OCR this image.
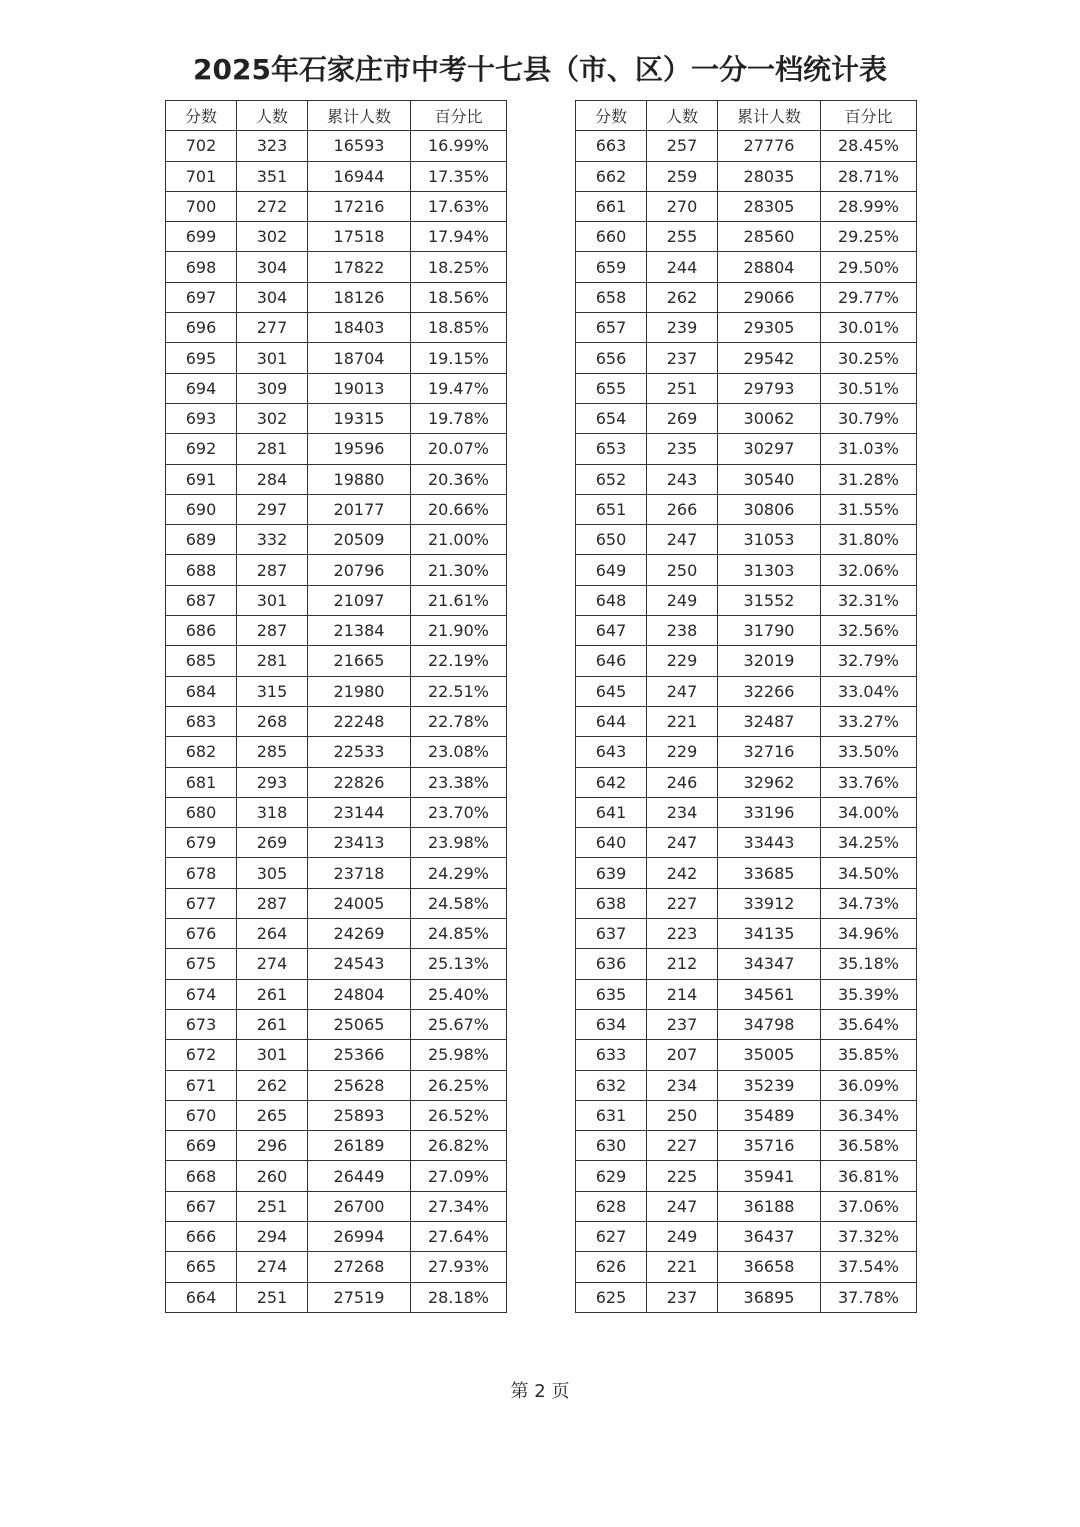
2025年石家庄市中考十七县（市、区）一分一档统计表
分数	人数	累计人数	百分比
702	323	16593	16.99%
701	351	16944	17.35%
700	272	17216	17.63%
699	302	17518	17.94%
698	304	17822	18.25%
697	304	18126	18.56%
696	277	18403	18.85%
695	301	18704	19.15%
694	309	19013	19.47%
693	302	19315	19.78%
692	281	19596	20.07%
691	284	19880	20.36%
690	297	20177	20.66%
689	332	20509	21.00%
688	287	20796	21.30%
687	301	21097	21.61%
686	287	21384	21.90%
685	281	21665	22.19%
684	315	21980	22.51%
683	268	22248	22.78%
682	285	22533	23.08%
681	293	22826	23.38%
680	318	23144	23.70%
679	269	23413	23.98%
678	305	23718	24.29%
677	287	24005	24.58%
676	264	24269	24.85%
675	274	24543	25.13%
674	261	24804	25.40%
673	261	25065	25.67%
672	301	25366	25.98%
671	262	25628	26.25%
670	265	25893	26.52%
669	296	26189	26.82%
668	260	26449	27.09%
667	251	26700	27.34%
666	294	26994	27.64%
665	274	27268	27.93%
664	251	27519	28.18%
分数	人数	累计人数	百分比
663	257	27776	28.45%
662	259	28035	28.71%
661	270	28305	28.99%
660	255	28560	29.25%
659	244	28804	29.50%
658	262	29066	29.77%
657	239	29305	30.01%
656	237	29542	30.25%
655	251	29793	30.51%
654	269	30062	30.79%
653	235	30297	31.03%
652	243	30540	31.28%
651	266	30806	31.55%
650	247	31053	31.80%
649	250	31303	32.06%
648	249	31552	32.31%
647	238	31790	32.56%
646	229	32019	32.79%
645	247	32266	33.04%
644	221	32487	33.27%
643	229	32716	33.50%
642	246	32962	33.76%
641	234	33196	34.00%
640	247	33443	34.25%
639	242	33685	34.50%
638	227	33912	34.73%
637	223	34135	34.96%
636	212	34347	35.18%
635	214	34561	35.39%
634	237	34798	35.64%
633	207	35005	35.85%
632	234	35239	36.09%
631	250	35489	36.34%
630	227	35716	36.58%
629	225	35941	36.81%
628	247	36188	37.06%
627	249	36437	37.32%
626	221	36658	37.54%
625	237	36895	37.78%
第 2 页
